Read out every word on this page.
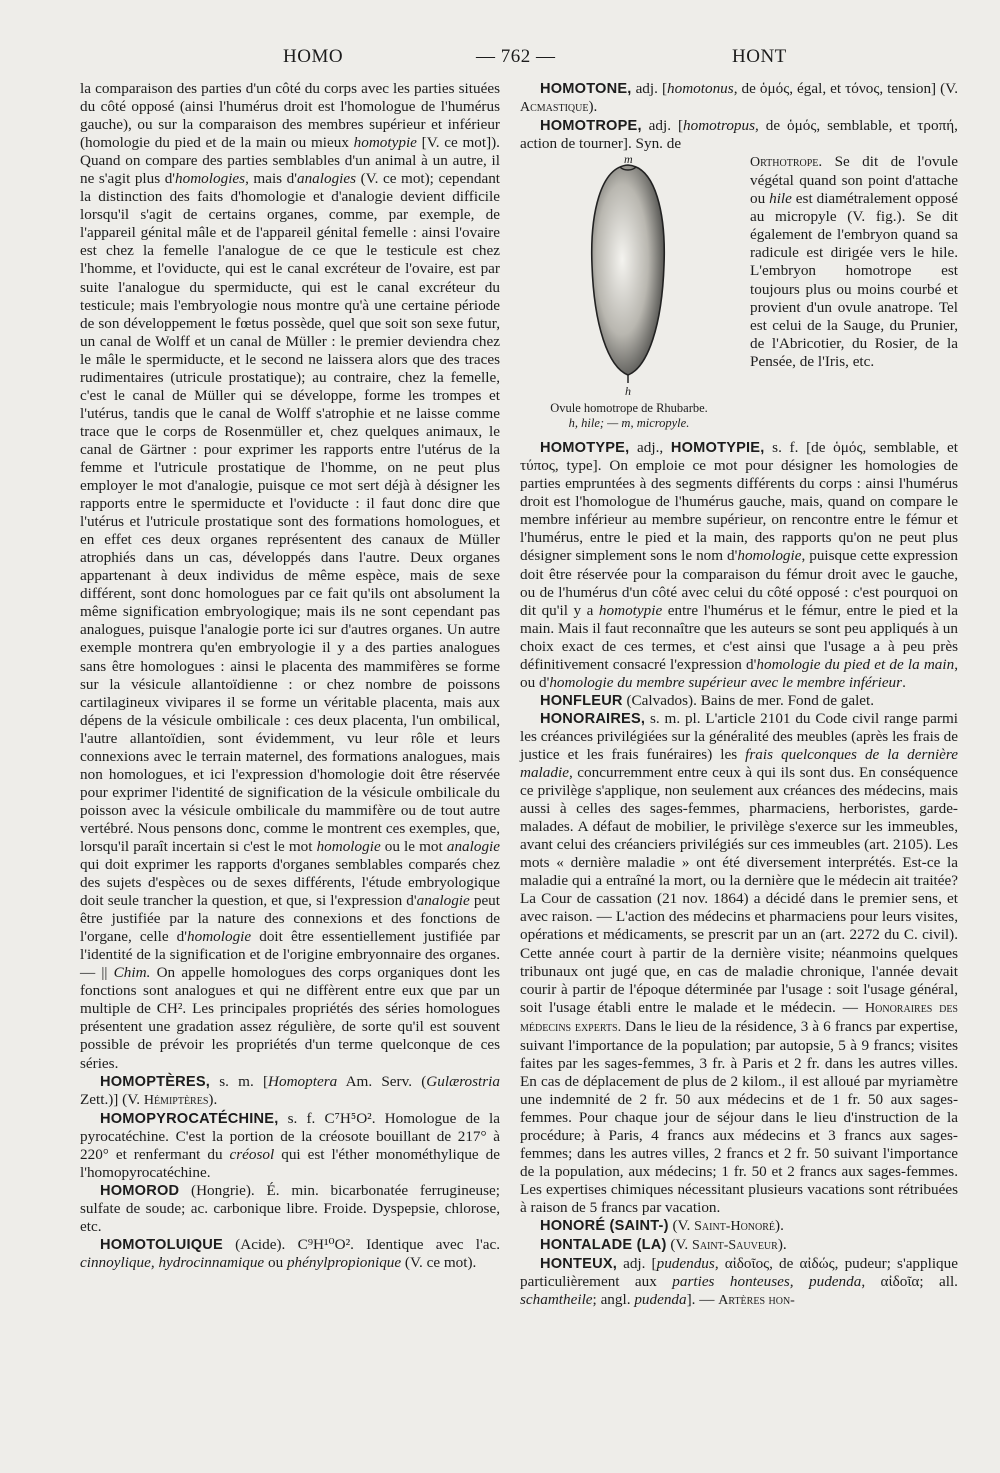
HOMO	— 762 —	HONT

la comparaison des parties d'un côté du corps avec les parties situées du côté opposé (ainsi l'humérus droit est l'homologue de l'humérus gauche), ou sur la comparaison des membres supérieur et inférieur (homologie du pied et de la main ou mieux homotypie [V. ce mot]). Quand on compare des parties semblables d'un animal à un autre, il ne s'agit plus d'homologies, mais d'analogies (V. ce mot); cependant la distinction des faits d'homologie et d'analogie devient difficile lorsqu'il s'agit de certains organes, comme, par exemple, de l'appareil génital mâle et de l'appareil génital femelle : ainsi l'ovaire est chez la femelle l'analogue de ce que le testicule est chez l'homme, et l'oviducte, qui est le canal excréteur de l'ovaire, est par suite l'analogue du spermiducte, qui est le canal excréteur du testicule; mais l'embryologie nous montre qu'à une certaine période de son développement le fœtus possède, quel que soit son sexe futur, un canal de Wolff et un canal de Müller : le premier deviendra chez le mâle le spermiducte, et le second ne laissera alors que des traces rudimentaires (utricule prostatique); au contraire, chez la femelle, c'est le canal de Müller qui se développe, forme les trompes et l'utérus, tandis que le canal de Wolff s'atrophie et ne laisse comme trace que le corps de Rosenmüller et, chez quelques animaux, le canal de Gärtner : pour exprimer les rapports entre l'utérus de la femme et l'utricule prostatique de l'homme, on ne peut plus employer le mot d'analogie, puisque ce mot sert déjà à désigner les rapports entre le spermiducte et l'oviducte : il faut donc dire que l'utérus et l'utricule prostatique sont des formations homologues, et en effet ces deux organes représentent des canaux de Müller atrophiés dans un cas, développés dans l'autre. Deux organes appartenant à deux individus de même espèce, mais de sexe différent, sont donc homologues par ce fait qu'ils ont absolument la même signification embryologique; mais ils ne sont cependant pas analogues, puisque l'analogie porte ici sur d'autres organes. Un autre exemple montrera qu'en embryologie il y a des parties analogues sans être homologues : ainsi le placenta des mammifères se forme sur la vésicule allantoïdienne : or chez nombre de poissons cartilagineux vivipares il se forme un véritable placenta, mais aux dépens de la vésicule ombilicale : ces deux placenta, l'un ombilical, l'autre allantoïdien, sont évidemment, vu leur rôle et leurs connexions avec le terrain maternel, des formations analogues, mais non homologues, et ici l'expression d'homologie doit être réservée pour exprimer l'identité de signification de la vésicule ombilicale du poisson avec la vésicule ombilicale du mammifère ou de tout autre vertébré. Nous pensons donc, comme le montrent ces exemples, que, lorsqu'il paraît incertain si c'est le mot homologie ou le mot analogie qui doit exprimer les rapports d'organes semblables comparés chez des sujets d'espèces ou de sexes différents, l'étude embryologique doit seule trancher la question, et que, si l'expression d'analogie peut être justifiée par la nature des connexions et des fonctions de l'organe, celle d'homologie doit être essentiellement justifiée par l'identité de la signification et de l'origine embryonnaire des organes. — || Chim. On appelle homologues des corps organiques dont les fonctions sont analogues et qui ne diffèrent entre eux que par un multiple de CH². Les principales propriétés des séries homologues présentent une gradation assez régulière, de sorte qu'il est souvent possible de prévoir les propriétés d'un terme quelconque de ces séries.

HOMOPTÈRES, s. m. [Homoptera Am. Serv. (Gulærostria Zett.)] (V. Hémiptères).

HOMOPYROCATÉCHINE, s. f. C⁷H⁵O². Homologue de la pyrocatéchine. C'est la portion de la créosote bouillant de 217° à 220° et renfermant du créosol qui est l'éther monométhylique de l'homopyrocatéchine.

HOMOROD (Hongrie). É. min. bicarbonatée ferrugineuse; sulfate de soude; ac. carbonique libre. Froide. Dyspepsie, chlorose, etc.

HOMOTOLUIQUE (Acide). C⁹H¹⁰O². Identique avec l'ac. cinnoylique, hydrocinnamique ou phénylpropionique (V. ce mot).

HOMOTONE, adj. [homotonus, de ὁμός, égal, et τόνος, tension] (V. Acmastique).

HOMOTROPE, adj. [homotropus, de ὁμός, semblable, et τροπή, action de tourner]. Syn. de

m
h
Ovule homotrope de Rhubarbe.
h, hile; — m, micropyle.

Orthotrope. Se dit de l'ovule végétal quand son point d'attache ou hile est diamétralement opposé au micropyle (V. fig.). Se dit également de l'embryon quand sa radicule est dirigée vers le hile. L'embryon homotrope est toujours plus ou moins courbé et provient d'un ovule anatrope. Tel est celui de la Sauge, du Prunier, de l'Abricotier, du Rosier, de la Pensée, de l'Iris, etc.

HOMOTYPE, adj., HOMOTYPIE, s. f. [de ὁμός, semblable, et τύπος, type]. On emploie ce mot pour désigner les homologies de parties empruntées à des segments différents du corps : ainsi l'humérus droit est l'homologue de l'humérus gauche, mais, quand on compare le membre inférieur au membre supérieur, on rencontre entre le fémur et l'humérus, entre le pied et la main, des rapports qu'on ne peut plus désigner simplement sons le nom d'homologie, puisque cette expression doit être réservée pour la comparaison du fémur droit avec le gauche, ou de l'humérus d'un côté avec celui du côté opposé : c'est pourquoi on dit qu'il y a homotypie entre l'humérus et le fémur, entre le pied et la main. Mais il faut reconnaître que les auteurs se sont peu appliqués à un choix exact de ces termes, et c'est ainsi que l'usage a à peu près définitivement consacré l'expression d'homologie du pied et de la main, ou d'homologie du membre supérieur avec le membre inférieur.

HONFLEUR (Calvados). Bains de mer. Fond de galet.

HONORAIRES, s. m. pl. L'article 2101 du Code civil range parmi les créances privilégiées sur la généralité des meubles (après les frais de justice et les frais funéraires) les frais quelconques de la dernière maladie, concurremment entre ceux à qui ils sont dus. En conséquence ce privilège s'applique, non seulement aux créances des médecins, mais aussi à celles des sages-femmes, pharmaciens, herboristes, garde-malades. A défaut de mobilier, le privilège s'exerce sur les immeubles, avant celui des créanciers privilégiés sur ces immeubles (art. 2105). Les mots « dernière maladie » ont été diversement interprétés. Est-ce la maladie qui a entraîné la mort, ou la dernière que le médecin ait traitée? La Cour de cassation (21 nov. 1864) a décidé dans le premier sens, et avec raison. — L'action des médecins et pharmaciens pour leurs visites, opérations et médicaments, se prescrit par un an (art. 2272 du C. civil). Cette année court à partir de la dernière visite; néanmoins quelques tribunaux ont jugé que, en cas de maladie chronique, l'année devait courir à partir de l'époque déterminée par l'usage : soit l'usage général, soit l'usage établi entre le malade et le médecin. — Honoraires des médecins experts. Dans le lieu de la résidence, 3 à 6 francs par expertise, suivant l'importance de la population; par autopsie, 5 à 9 francs; visites faites par les sages-femmes, 3 fr. à Paris et 2 fr. dans les autres villes. En cas de déplacement de plus de 2 kilom., il est alloué par myriamètre une indemnité de 2 fr. 50 aux médecins et de 1 fr. 50 aux sages-femmes. Pour chaque jour de séjour dans le lieu d'instruction de la procédure; à Paris, 4 francs aux médecins et 3 francs aux sages-femmes; dans les autres villes, 2 francs et 2 fr. 50 suivant l'importance de la population, aux médecins; 1 fr. 50 et 2 francs aux sages-femmes. Les expertises chimiques nécessitant plusieurs vacations sont rétribuées à raison de 5 francs par vacation.

HONORÉ (SAINT-) (V. Saint-Honoré).

HONTALADE (LA) (V. Saint-Sauveur).

HONTEUX, adj. [pudendus, αἰδοῖος, de αἰδώς, pudeur; s'applique particulièrement aux parties honteuses, pudenda, αἰδοῖα; all. schamtheile; angl. pudenda]. — Artères hon-
